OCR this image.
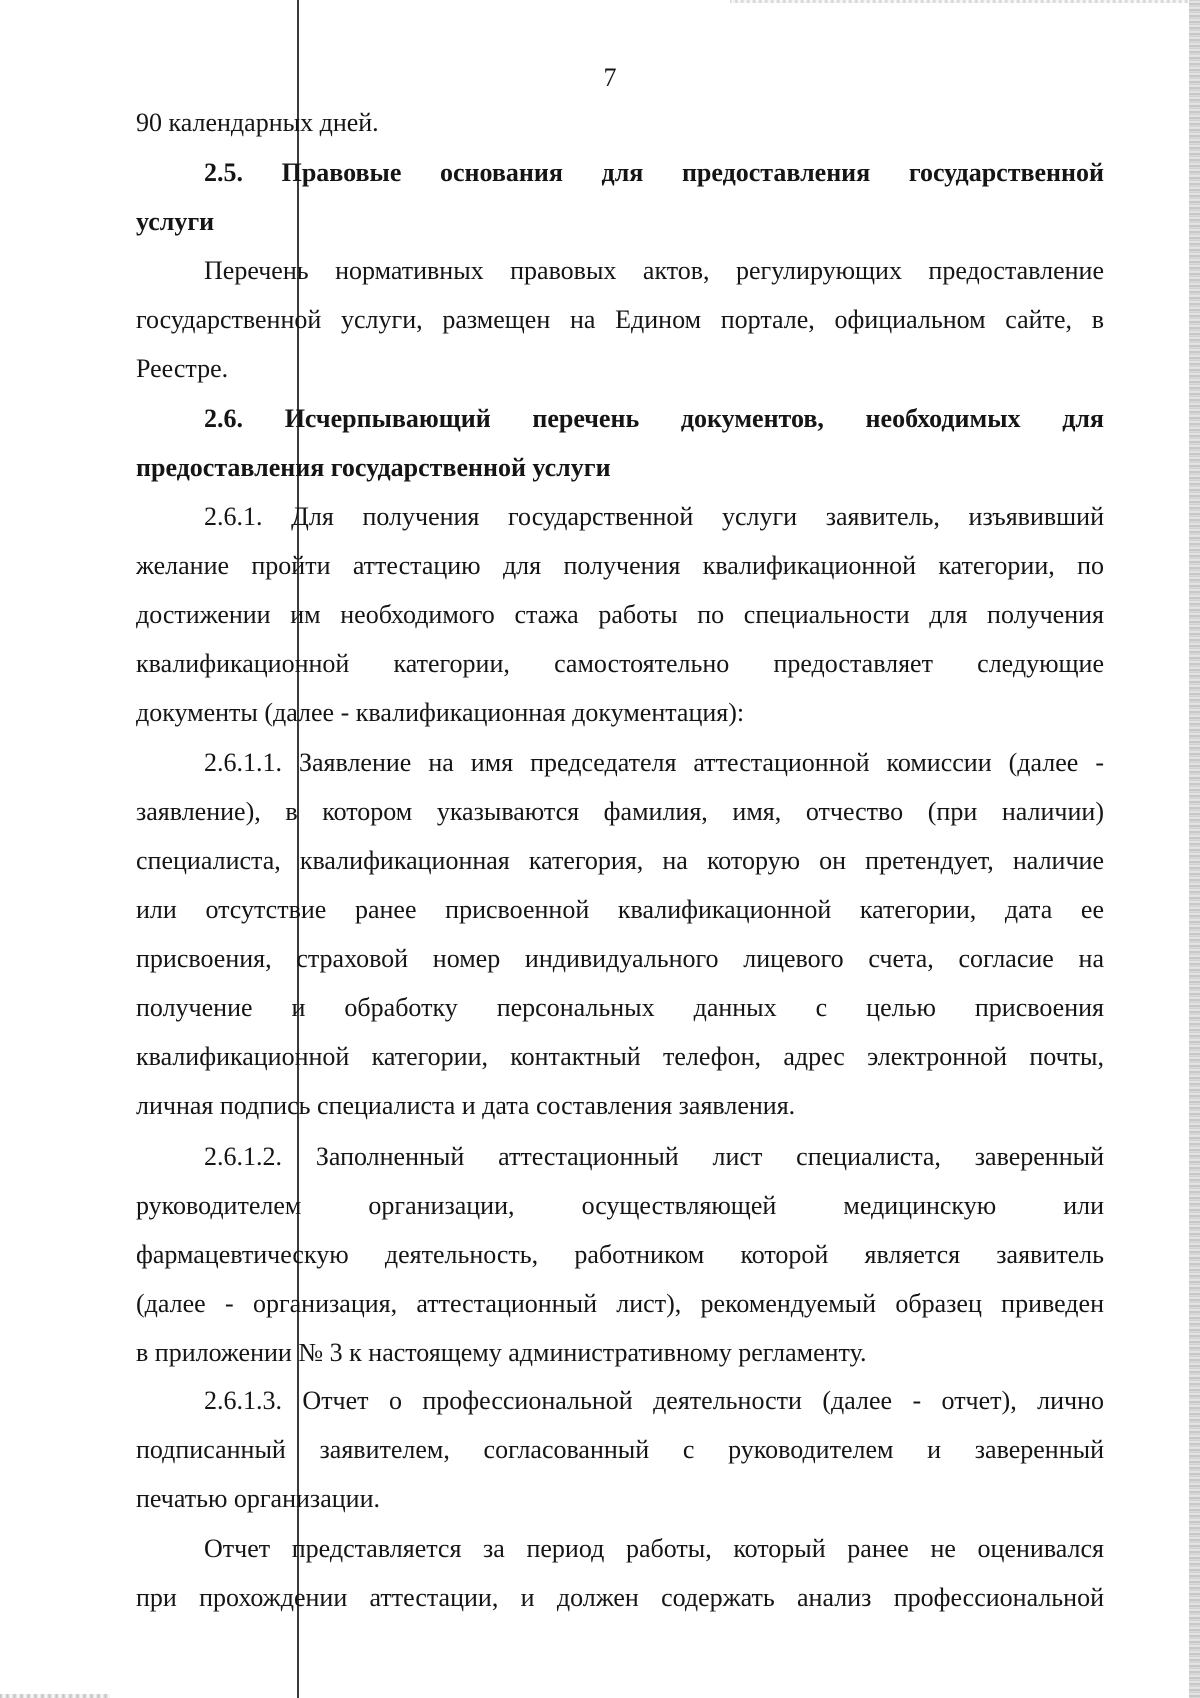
7
90 календарных дней.
2.5. Правовые основания для предоставления государственной
услуги
Перечень нормативных правовых актов, регулирующих предоставление
государственной услуги, размещен на Едином портале, официальном сайте, в
Реестре.
2.6. Исчерпывающий перечень документов, необходимых для
предоставления государственной услуги
2.6.1. Для получения государственной услуги заявитель, изъявивший
желание пройти аттестацию для получения квалификационной категории, по
достижении им необходимого стажа работы по специальности для получения
квалификационной категории, самостоятельно предоставляет следующие
документы (далее - квалификационная документация):
2.6.1.1. Заявление на имя председателя аттестационной комиссии (далее -
заявление), в котором указываются фамилия, имя, отчество (при наличии)
специалиста, квалификационная категория, на которую он претендует, наличие
или отсутствие ранее присвоенной квалификационной категории, дата ее
присвоения, страховой номер индивидуального лицевого счета, согласие на
получение и обработку персональных данных с целью присвоения
квалификационной категории, контактный телефон, адрес электронной почты,
личная подпись специалиста и дата составления заявления.
2.6.1.2. Заполненный аттестационный лист специалиста, заверенный
руководителем организации, осуществляющей медицинскую или
фармацевтическую деятельность, работником которой является заявитель
(далее - организация, аттестационный лист), рекомендуемый образец приведен
в приложении № 3 к настоящему административному регламенту.
2.6.1.3. Отчет о профессиональной деятельности (далее - отчет), лично
подписанный заявителем, согласованный с руководителем и заверенный
печатью организации.
Отчет представляется за период работы, который ранее не оценивался
при прохождении аттестации, и должен содержать анализ профессиональной
